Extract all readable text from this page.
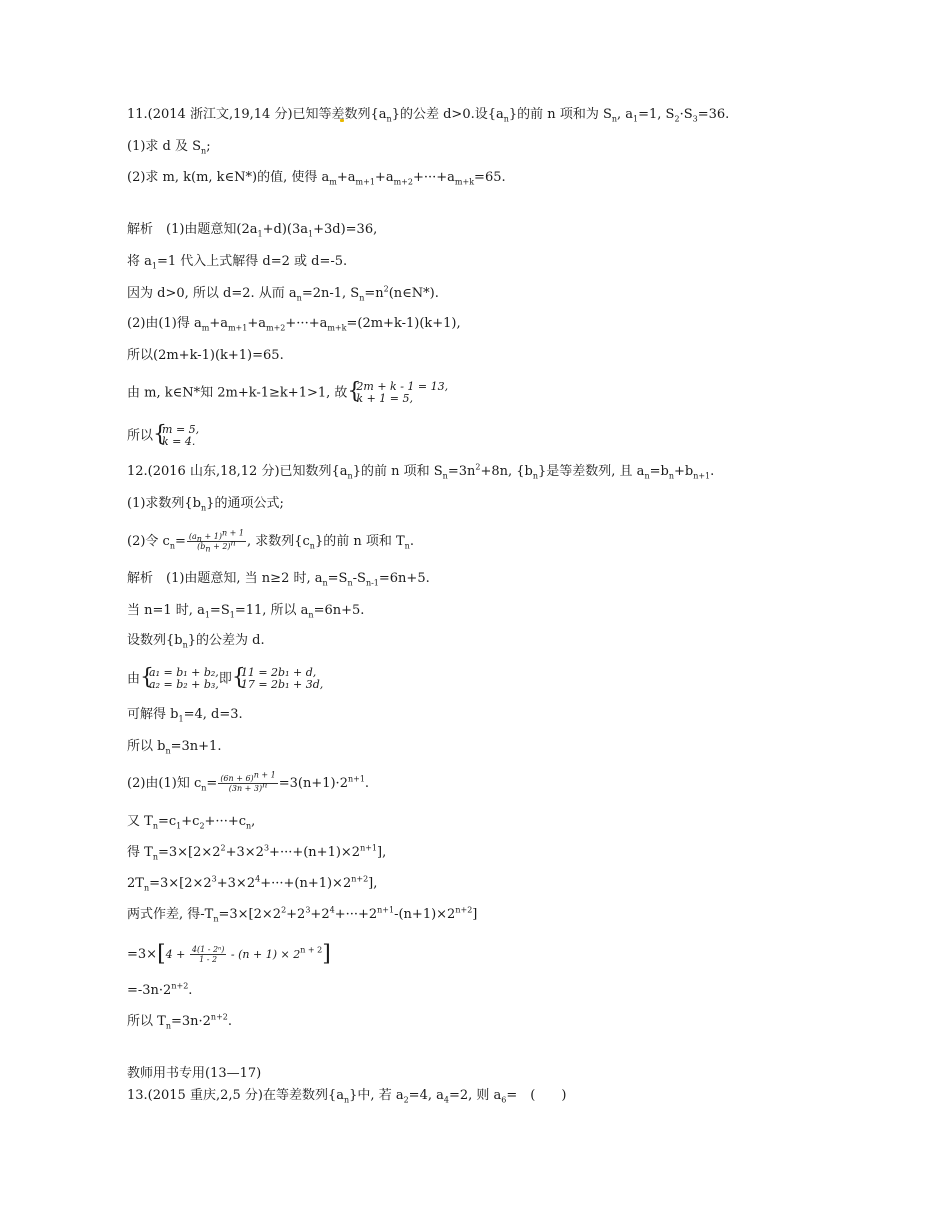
11.(2014 浙江文,19,14 分)已知等差数列$\{a_n\}$的公差 d>0.设$\{a_n\}$的前 n 项和为 $S_n$, $a_1=1$, $S_2\cdot S_3=36$.
(1)求 d 及 $S_n$;
(2)求 m, k(m, k∈N*)的值, 使得 $a_m+a_{m+1}+a_{m+2}+\cdot\cdot\cdot+a_{m+k}=65$.
解析　(1)由题意知$(2a_1+d)(3a_1+3d)=36$,
将 $a_1=1$ 代入上式解得 d=2 或 d=-5.
因为 d>0, 所以 d=2. 从而 $a_n=2n-1$, $S_n=n^2(n\in N*)$.
(2)由(1)得 $a_m+a_{m+1}+a_{m+2}+\cdot\cdot\cdot+a_{m+k}=(2m+k-1)(k+1)$,
所以(2m+k-1)(k+1)=65.
由 m, k∈N*知 2m+k-1≥k+1>1, 故 {
2m + k - 1 = 13,
k + 1 = 5,
所以 {
m = 5,
k = 4.
12.(2016 山东,18,12 分)已知数列$\{a_n\}$的前 n 项和 $S_n=3n^2+8n$, $\{b_n\}$是等差数列, 且 $a_n=b_n+b_{n+1}$.
(1)求数列$\{b_n\}$的通项公式;
(2)令 $c_n= \frac{(a_n + 1)^{n + 1}}{(b_n + 2)^n}$ , 求数列$\{c_n\}$的前 n 项和 $T_n$.
解析　(1)由题意知, 当 n≥2 时, $a_n=S_n-S_{n-1}=6n+5$.
当 n=1 时, $a_1=S_1=11$, 所以 $a_n=6n+5$.
设数列$\{b_n\}$的公差为 d.
由 {
a₁ = b₁ + b₂,
a₂ = b₂ + b₃, 即 {
11 = 2b₁ + d,
17 = 2b₁ + 3d,
可解得 $b_1=4$, d=3.
所以 $b_n=3n+1$.
(2)由(1)知 $c_n= \frac{(6n + 6)^{n + 1}}{(3n + 3)^n} =3(n+1)\cdot 2^{n+1}$.
又 $T_n=c_1+c_2+\cdot\cdot\cdot+c_n$,
得 $T_n=3\times[2\times 2^2+3\times 2^3+\cdot\cdot\cdot+(n+1)\times 2^{n+1}]$,
$2T_n=3\times[2\times 2^3+3\times 2^4+\cdot\cdot\cdot+(n+1)\times 2^{n+2}]$,
两式作差, 得$-T_n=3\times[2\times 2^2+2^3+2^4+\cdot\cdot\cdot+2^{n+1}-(n+1)\times 2^{n+2}]$
$=3\times[4 + \frac{\text{4(1 - 2ⁿ)}}{1 - 2} - (n + 1) \times 2^{n + 2}]$
$=-3n\cdot 2^{n+2}$.
所以 $T_n=3n\cdot 2^{n+2}$.
教师用书专用(13—17)
13.(2015 重庆,2,5 分)在等差数列$\{a_n\}$中, 若 $a_2=4$, $a_4=2$, 则 $a_6=$　(　　)
